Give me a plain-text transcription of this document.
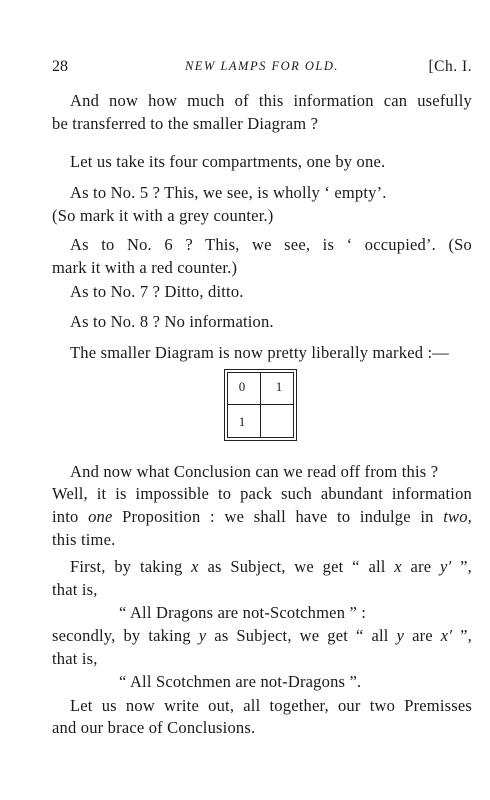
28	NEW LAMPS FOR OLD.	[Ch. I.
And now how much of this information can usefully
be transferred to the smaller Diagram ?
Let us take its four compartments, one by one.
As to No. 5 ? This, we see, is wholly ‘ empty’.
(So mark it with a grey counter.)
As to No. 6 ? This, we see, is ‘ occupied’. (So
mark it with a red counter.)
As to No. 7 ? Ditto, ditto.
As to No. 8 ? No information.
The smaller Diagram is now pretty liberally marked :—
0	1
1
And now what Conclusion can we read off from this ?
Well, it is impossible to pack such abundant information
into one Proposition : we shall have to indulge in two,
this time.
First, by taking x as Subject, we get “ all x are y′ ”,
that is,
“ All Dragons are not-Scotchmen ” :
secondly, by taking y as Subject, we get “ all y are x′ ”,
that is,
“ All Scotchmen are not-Dragons ”.
Let us now write out, all together, our two Premisses
and our brace of Conclusions.
